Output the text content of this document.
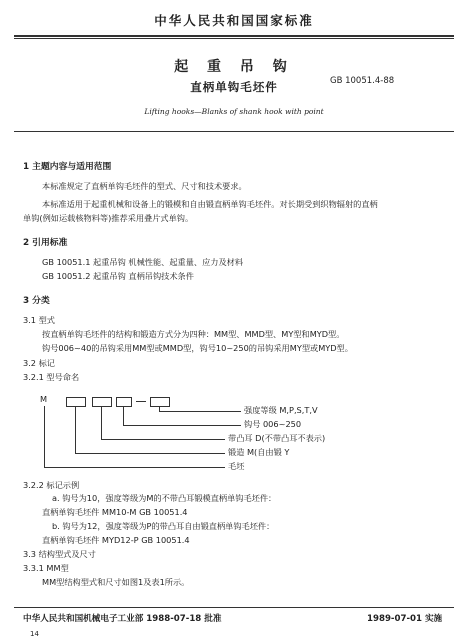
中华人民共和国国家标准
起 重 吊 钩
直柄单钩毛坯件	GB 10051.4-88
Lifting hooks—Blanks of shank hook with point
1 主题内容与适用范围
本标准规定了直柄单钩毛坯件的型式、尺寸和技术要求。
本标准适用于起重机械和设备上的锻模和自由锻直柄单钩毛坯件。对长期受到织物辐射的直柄
单钩(例如运载核物料等)推荐采用叠片式单钩。
2 引用标准
GB 10051.1 起重吊钩 机械性能、起重量、应力及材料
GB 10051.2 起重吊钩 直柄吊钩技术条件
3 分类
3.1 型式
按直柄单钩毛坯件的结构和锻造方式分为四种：MM型、MMD型、MY型和MYD型。
钩号006~40的吊钩采用MM型或MMD型，钩号10~250的吊钩采用MY型或MYD型。
3.2 标记
3.2.1 型号命名
M
强度等级 M,P,S,T,V
钩号 006~250
带凸耳 D(不带凸耳不表示)
锻造 M(自由锻 Y
毛坯
3.2.2 标记示例
a. 钩号为10，强度等级为M的不带凸耳锻模直柄单钩毛坯件：
直柄单钩毛坯件 MM10-M GB 10051.4
b. 钩号为12，强度等级为P的带凸耳自由锻直柄单钩毛坯件：
直柄单钩毛坯件 MYD12-P GB 10051.4
3.3 结构型式及尺寸
3.3.1 MM型
MM型结构型式和尺寸如图1及表1所示。
中华人民共和国机械电子工业部 1988-07-18 批准	1989-07-01 实施
14
